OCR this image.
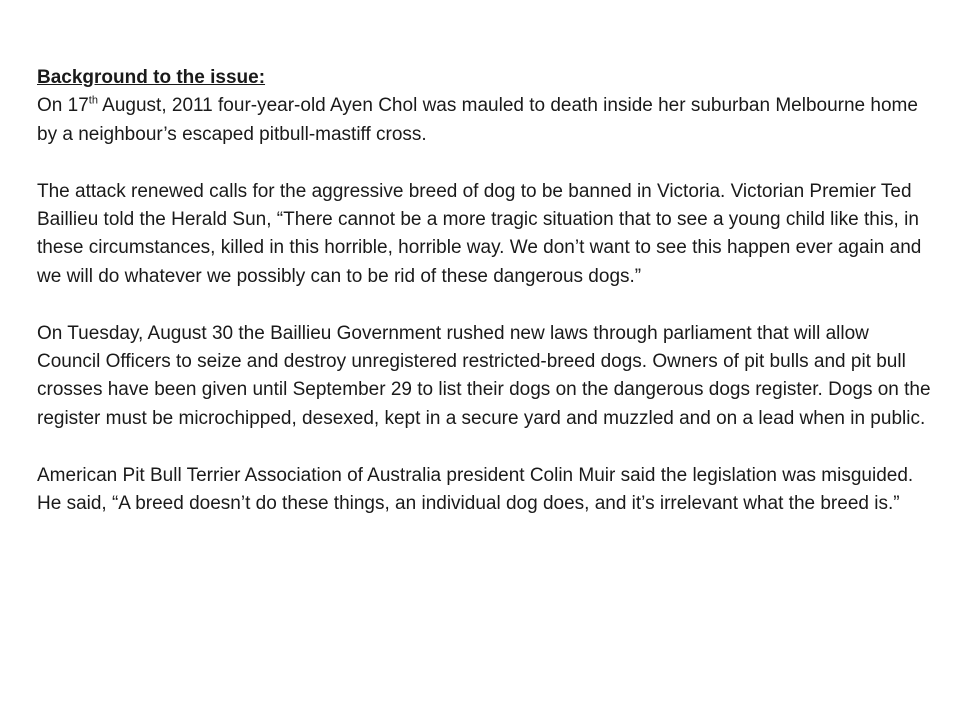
Background to the issue:
On 17th August, 2011 four-year-old Ayen Chol was mauled to death inside her suburban Melbourne home by a neighbour’s escaped pitbull-mastiff cross.

The attack renewed calls for the aggressive breed of dog to be banned in Victoria. Victorian Premier Ted Baillieu told the Herald Sun, “There cannot be a more tragic situation that to see a young child like this, in these circumstances, killed in this horrible, horrible way. We don’t want to see this happen ever again and we will do whatever we possibly can to be rid of these dangerous dogs.”

On Tuesday, August 30 the Baillieu Government rushed new laws through parliament that will allow Council Officers to seize and destroy unregistered restricted-breed dogs. Owners of pit bulls and pit bull crosses have been given until September 29 to list their dogs on the dangerous dogs register. Dogs on the register must be microchipped, desexed, kept in a secure yard and muzzled and on a lead when in public.

American Pit Bull Terrier Association of Australia president Colin Muir said the legislation was misguided. He said, “A breed doesn’t do these things, an individual dog does, and it’s irrelevant what the breed is.”
